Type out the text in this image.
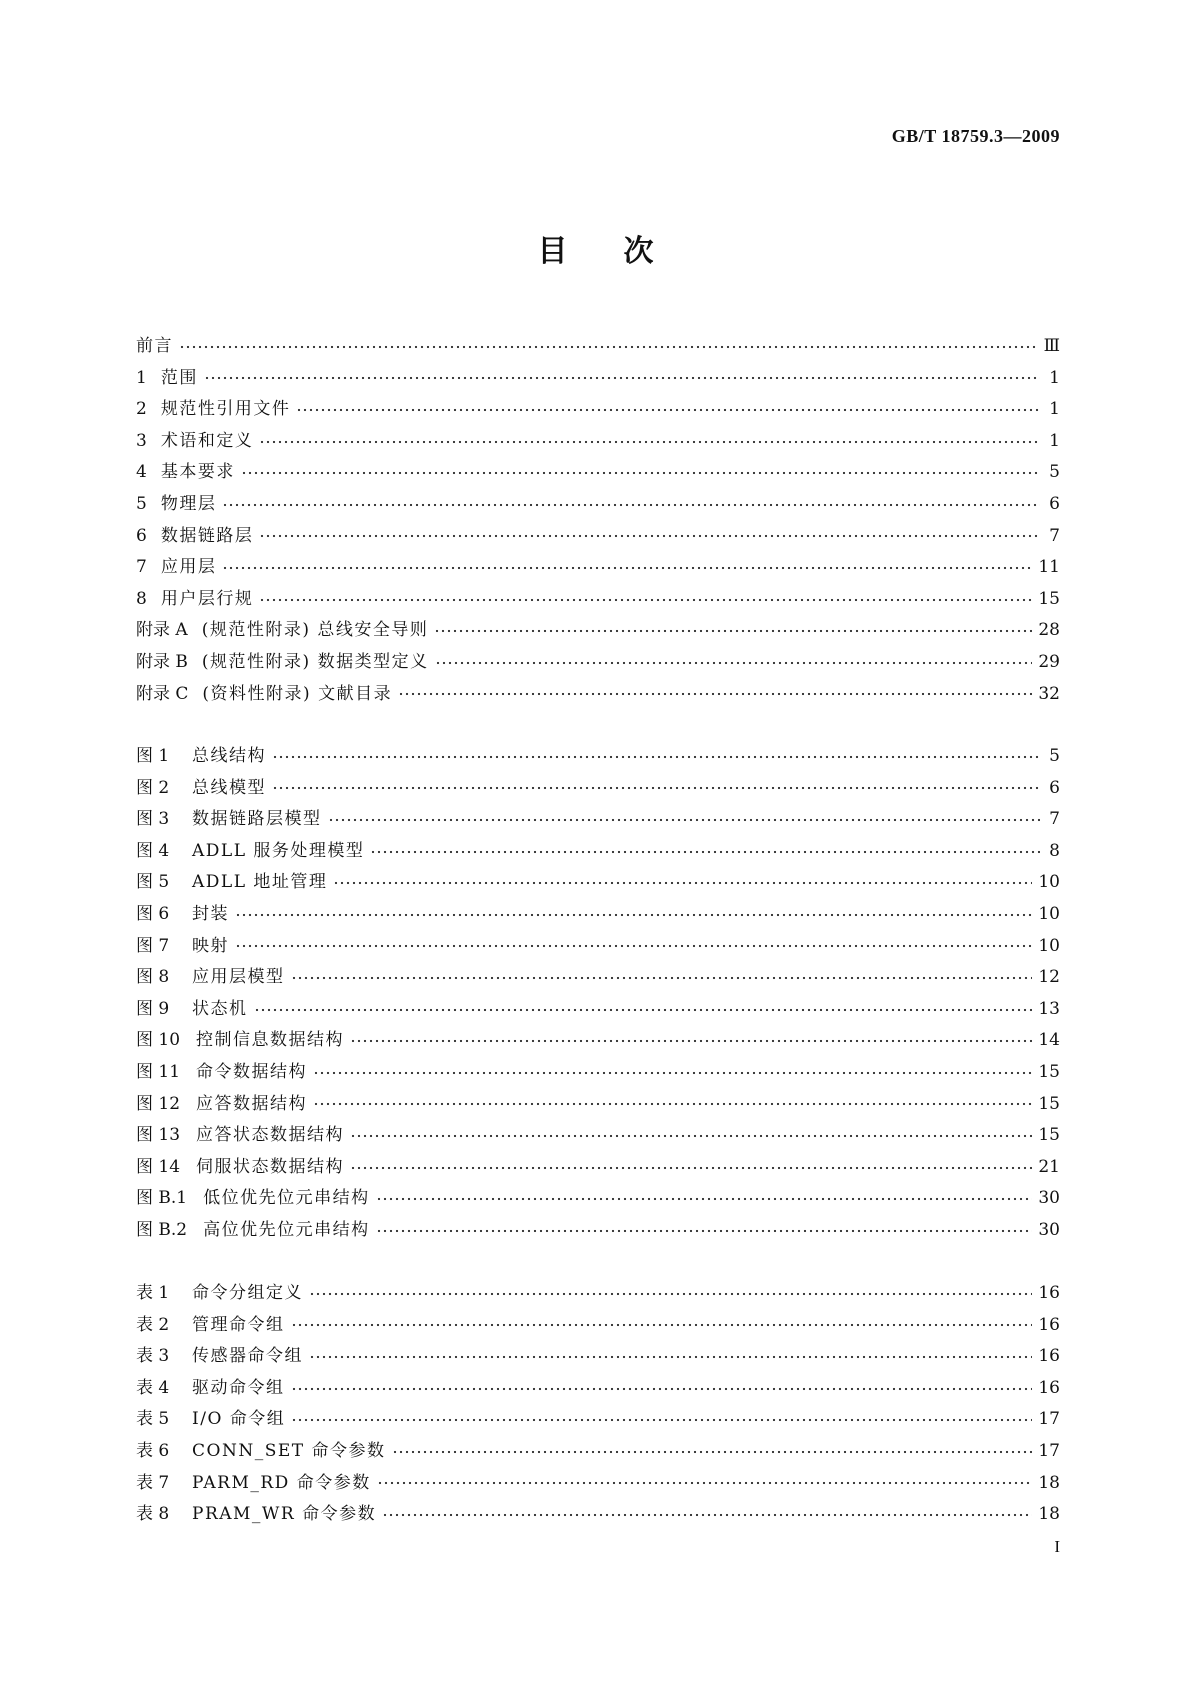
GB/T 18759.3—2009
目次
前言	Ⅲ
1 范围	1
2 规范性引用文件	1
3 术语和定义	1
4 基本要求	5
5 物理层	6
6 数据链路层	7
7 应用层	11
8 用户层行规	15
附录 A (规范性附录) 总线安全导则	28
附录 B (规范性附录) 数据类型定义	29
附录 C (资料性附录) 文献目录	32
图 1	总线结构	5
图 2	总线模型	6
图 3	数据链路层模型	7
图 4	ADLL 服务处理模型	8
图 5	ADLL 地址管理	10
图 6	封装	10
图 7	映射	10
图 8	应用层模型	12
图 9	状态机	13
图 10 控制信息数据结构	14
图 11 命令数据结构	15
图 12 应答数据结构	15
图 13 应答状态数据结构	15
图 14 伺服状态数据结构	21
图 B.1 低位优先位元串结构	30
图 B.2 高位优先位元串结构	30
表 1	命令分组定义	16
表 2	管理命令组	16
表 3	传感器命令组	16
表 4	驱动命令组	16
表 5	I/O 命令组	17
表 6	CONN_SET 命令参数	17
表 7	PARM_RD 命令参数	18
表 8	PRAM_WR 命令参数	18
I
